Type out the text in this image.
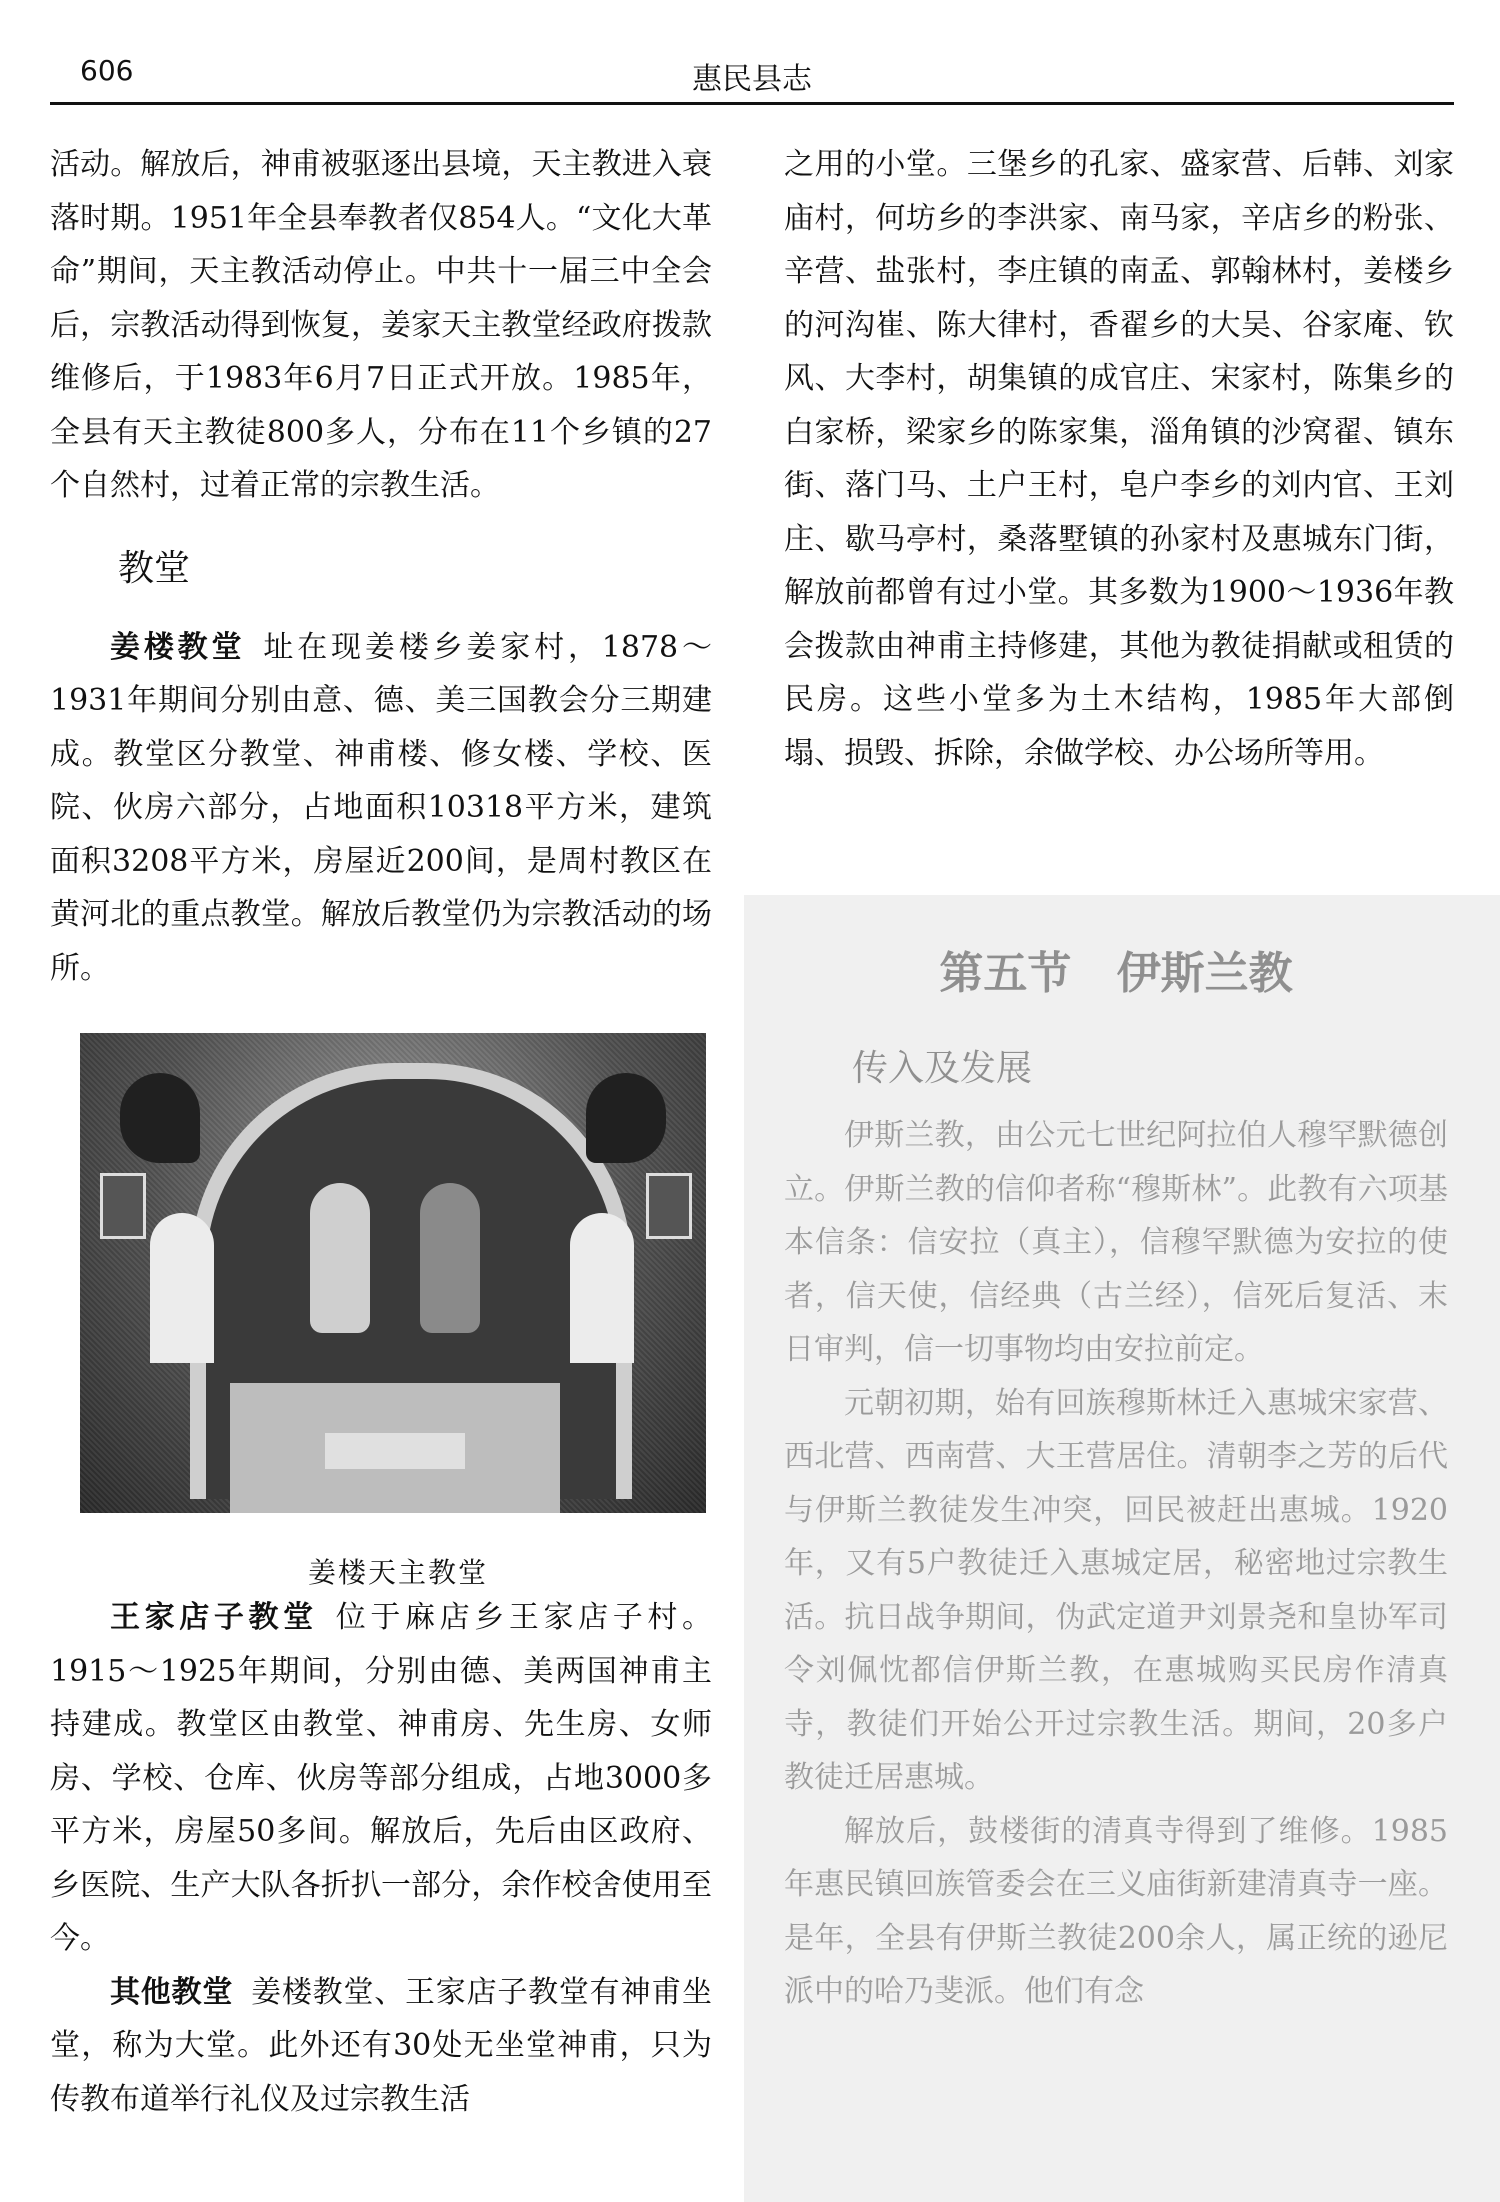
606	惠民县志

活动。解放后，神甫被驱逐出县境，天主教进入衰落时期。1951年全县奉教者仅854人。“文化大革命”期间，天主教活动停止。中共十一届三中全会后，宗教活动得到恢复，姜家天主教堂经政府拨款维修后，于1983年6月7日正式开放。1985年，全县有天主教徒800多人，分布在11个乡镇的27个自然村，过着正常的宗教生活。

教堂

姜楼教堂 址在现姜楼乡姜家村，1878～1931年期间分别由意、德、美三国教会分三期建成。教堂区分教堂、神甫楼、修女楼、学校、医院、伙房六部分，占地面积10318平方米，建筑面积3208平方米，房屋近200间，是周村教区在黄河北的重点教堂。解放后教堂仍为宗教活动的场所。

姜楼天主教堂

王家店子教堂 位于麻店乡王家店子村。1915～1925年期间，分别由德、美两国神甫主持建成。教堂区由教堂、神甫房、先生房、女师房、学校、仓库、伙房等部分组成，占地3000多平方米，房屋50多间。解放后，先后由区政府、乡医院、生产大队各折扒一部分，余作校舍使用至今。

其他教堂 姜楼教堂、王家店子教堂有神甫坐堂，称为大堂。此外还有30处无坐堂神甫，只为传教布道举行礼仪及过宗教生活

之用的小堂。三堡乡的孔家、盛家营、后韩、刘家庙村，何坊乡的李洪家、南马家，辛店乡的粉张、辛营、盐张村，李庄镇的南孟、郭翰林村，姜楼乡的河沟崔、陈大律村，香翟乡的大吴、谷家庵、钦风、大李村，胡集镇的成官庄、宋家村，陈集乡的白家桥，梁家乡的陈家集，淄角镇的沙窝翟、镇东街、落门马、土户王村，皂户李乡的刘内官、王刘庄、歇马亭村，桑落墅镇的孙家村及惠城东门街，解放前都曾有过小堂。其多数为1900～1936年教会拨款由神甫主持修建，其他为教徒捐献或租赁的民房。这些小堂多为土木结构，1985年大部倒塌、损毁、拆除，余做学校、办公场所等用。

第五节 伊斯兰教
传入及发展

伊斯兰教，由公元七世纪阿拉伯人穆罕默德创立。伊斯兰教的信仰者称“穆斯林”。此教有六项基本信条：信安拉（真主），信穆罕默德为安拉的使者，信天使，信经典（古兰经），信死后复活、末日审判，信一切事物均由安拉前定。

元朝初期，始有回族穆斯林迁入惠城宋家营、西北营、西南营、大王营居住。清朝李之芳的后代与伊斯兰教徒发生冲突，回民被赶出惠城。1920年，又有5户教徒迁入惠城定居，秘密地过宗教生活。抗日战争期间，伪武定道尹刘景尧和皇协军司令刘佩忱都信伊斯兰教，在惠城购买民房作清真寺，教徒们开始公开过宗教生活。期间，20多户教徒迁居惠城。

解放后，鼓楼街的清真寺得到了维修。1985年惠民镇回族管委会在三义庙街新建清真寺一座。是年，全县有伊斯兰教徒200余人，属正统的逊尼派中的哈乃斐派。他们有念
